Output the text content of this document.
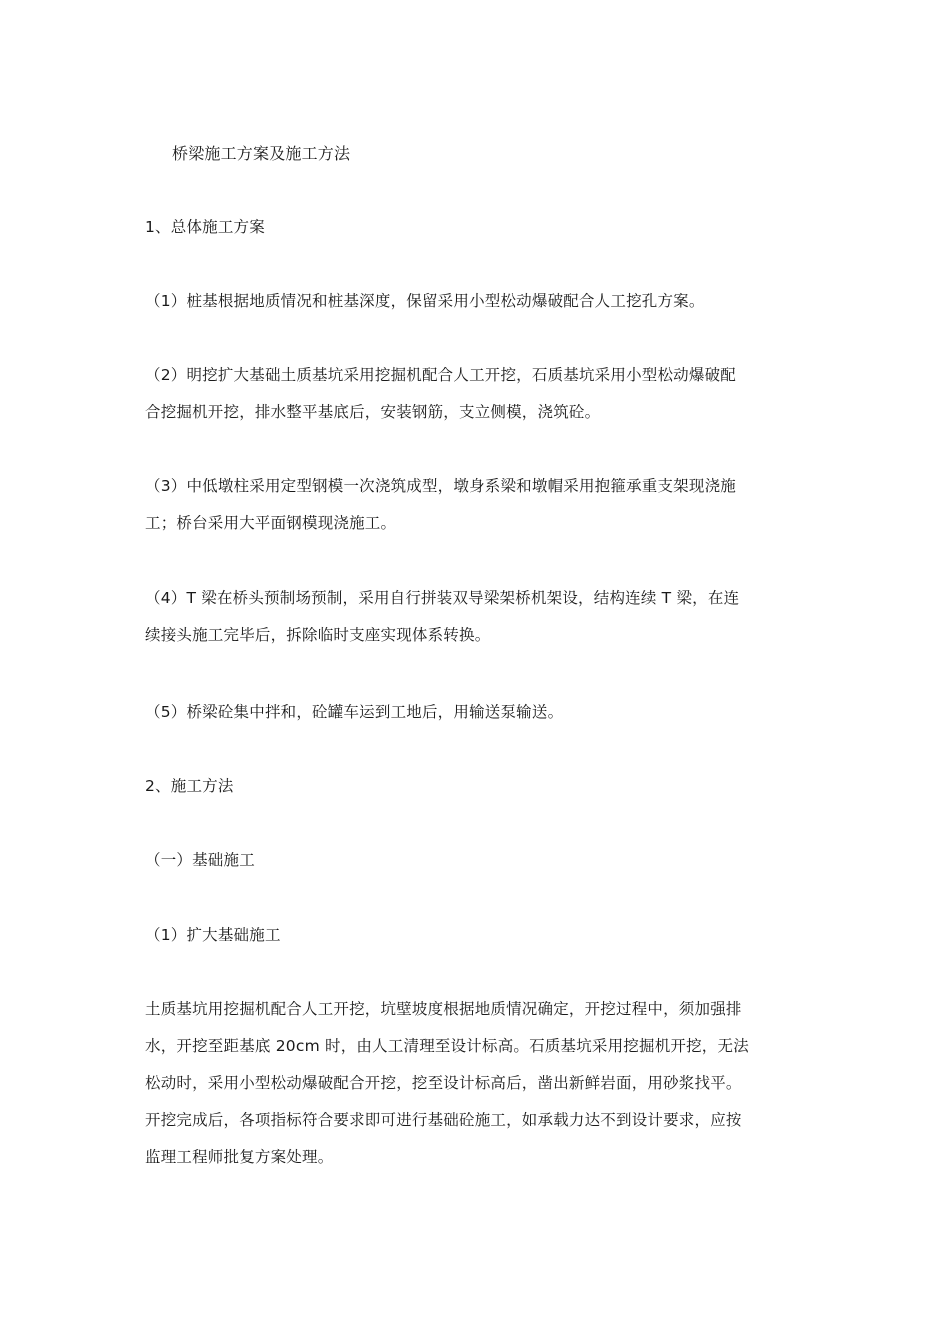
桥梁施工方案及施工方法
1、总体施工方案
（1）桩基根据地质情况和桩基深度，保留采用小型松动爆破配合人工挖孔方案。
（2）明挖扩大基础土质基坑采用挖掘机配合人工开挖，石质基坑采用小型松动爆破配
合挖掘机开挖，排水整平基底后，安装钢筋，支立侧模，浇筑砼。
（3）中低墩柱采用定型钢模一次浇筑成型，墩身系梁和墩帽采用抱箍承重支架现浇施
工；桥台采用大平面钢模现浇施工。
（4）T 梁在桥头预制场预制，采用自行拼装双导梁架桥机架设，结构连续 T 梁，在连
续接头施工完毕后，拆除临时支座实现体系转换。
（5）桥梁砼集中拌和，砼罐车运到工地后，用输送泵输送。
2、施工方法
（一）基础施工
（1）扩大基础施工
土质基坑用挖掘机配合人工开挖，坑壁坡度根据地质情况确定，开挖过程中，须加强排
水，开挖至距基底 20cm 时，由人工清理至设计标高。石质基坑采用挖掘机开挖，无法
松动时，采用小型松动爆破配合开挖，挖至设计标高后，凿出新鲜岩面，用砂浆找平。
开挖完成后，各项指标符合要求即可进行基础砼施工，如承载力达不到设计要求，应按
监理工程师批复方案处理。
